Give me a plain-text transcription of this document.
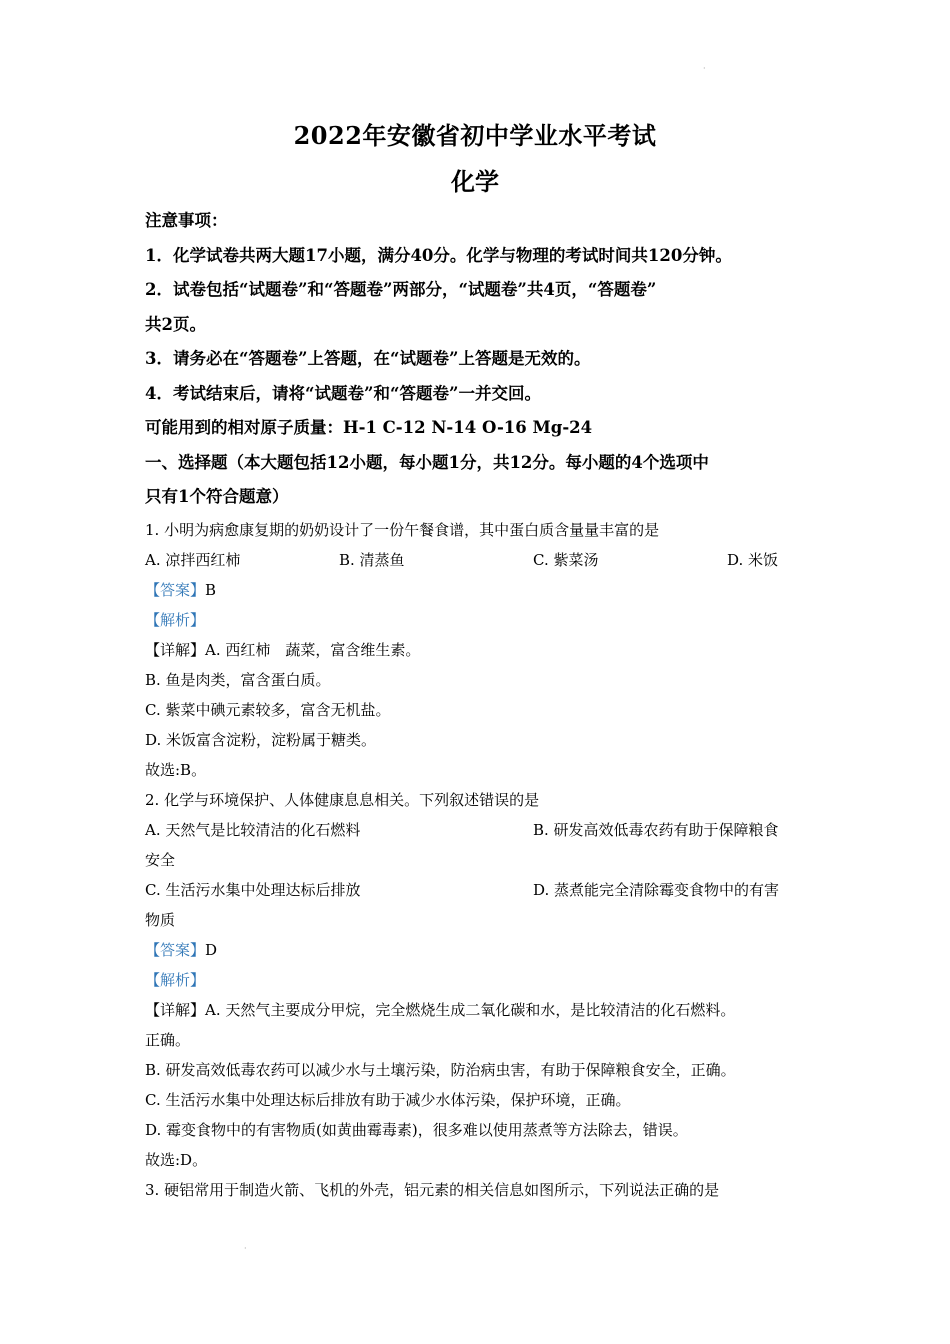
·
·
2022年安徽省初中学业水平考试
化学
注意事项：
1．化学试卷共两大题17小题，满分40分。化学与物理的考试时间共120分钟。
2．试卷包括“试题卷”和“答题卷”两部分，“试题卷”共4页，“答题卷”
共2页。
3．请务必在“答题卷”上答题，在“试题卷”上答题是无效的。
4．考试结束后，请将“试题卷”和“答题卷”一并交回。
可能用到的相对原子质量：H-1 C-12 N-14 O-16 Mg-24
一、选择题（本大题包括12小题，每小题1分，共12分。每小题的4个选项中
只有1个符合题意）
1. 小明为病愈康复期的奶奶设计了一份午餐食谱，其中蛋白质含量量丰富的是
A. 凉拌西红柿	B. 清蒸鱼	C. 紫菜汤	D. 米饭
【答案】B
【解析】
【详解】A. 西红柿　蔬菜，富含维生素。
B. 鱼是肉类，富含蛋白质。
C. 紫菜中碘元素较多，富含无机盐。
D. 米饭富含淀粉，淀粉属于糖类。
故选:B。
2. 化学与环境保护、人体健康息息相关。下列叙述错误的是
A. 天然气是比较清洁的化石燃料	B. 研发高效低毒农药有助于保障粮食
安全
C. 生活污水集中处理达标后排放	D. 蒸煮能完全清除霉变食物中的有害
物质
【答案】D
【解析】
【详解】A. 天然气主要成分甲烷，完全燃烧生成二氧化碳和水，是比较清洁的化石燃料。
正确。
B. 研发高效低毒农药可以减少水与土壤污染，防治病虫害，有助于保障粮食安全，正确。
C. 生活污水集中处理达标后排放有助于减少水体污染，保护环境，正确。
D. 霉变食物中的有害物质(如黄曲霉毒素)，很多难以使用蒸煮等方法除去，错误。
故选:D。
3. 硬铝常用于制造火箭、飞机的外壳，铝元素的相关信息如图所示，下列说法正确的是
